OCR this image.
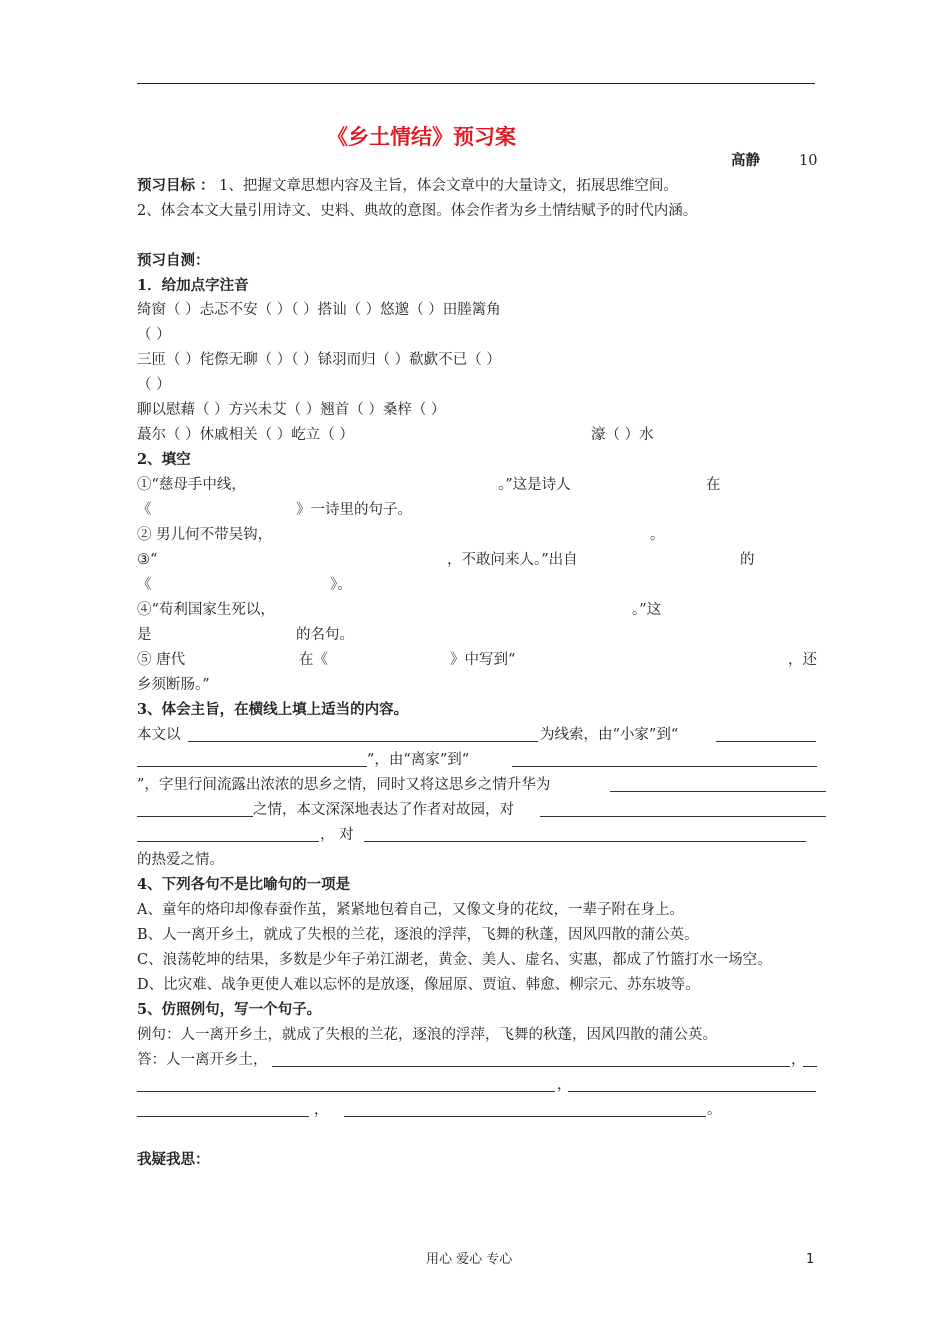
《乡土情结》预习案
高静	10
预习目标 ： 1、把握文章思想内容及主旨，体会文章中的大量诗文，拓展思维空间。
2、体会本文大量引用诗文、史料、典故的意图。体会作者为乡土情结赋予的时代内涵。
预习自测：
1．给加点字注音
绮窗（ ）忐忑不安（ ）（ ）搭讪（ ）悠邈（ ）田塍篱角
（ ）
三匝（ ）侘傺无聊（ ）（ ）铩羽而归（ ）欷歔不已（ ）
（ ）
聊以慰藉（ ）方兴未艾（ ）翘首（ ）桑梓（ ）
蕞尔（ ）休戚相关（ ）屹立（ ）	濠（ ）水
2、填空
①“慈母手中线，	。”这是诗人	在
《	》一诗里的句子。
② 男儿何不带吴钩，	。
③“	，不敢问来人。”出自	的
《	》。
④“苟利国家生死以，	。”这
是	的名句。
⑤ 唐代	在《	》中写到“	，还
乡须断肠。”
3、体会主旨，在横线上填上适当的内容。
本文以	为线索，由“小家”到“
”，由“离家”到“
”，字里行间流露出浓浓的思乡之情，同时又将这思乡之情升华为
之情，本文深深地表达了作者对故园，对
， 对
的热爱之情。
4、下列各句不是比喻句的一项是
A、童年的烙印却像春蚕作茧，紧紧地包着自己，又像文身的花纹，一辈子附在身上。
B、人一离开乡土，就成了失根的兰花，逐浪的浮萍，飞舞的秋蓬，因风四散的蒲公英。
C、浪荡乾坤的结果，多数是少年子弟江湖老，黄金、美人、虚名、实惠，都成了竹篮打水一场空。
D、比灾难、战争更使人难以忘怀的是放逐，像屈原、贾谊、韩愈、柳宗元、苏东坡等。
5、仿照例句，写一个句子。
例句：人一离开乡土，就成了失根的兰花，逐浪的浮萍，飞舞的秋蓬，因风四散的蒲公英。
答：人一离开乡土，	，
，
，	。
我疑我思：
用心 爱心 专心	1
